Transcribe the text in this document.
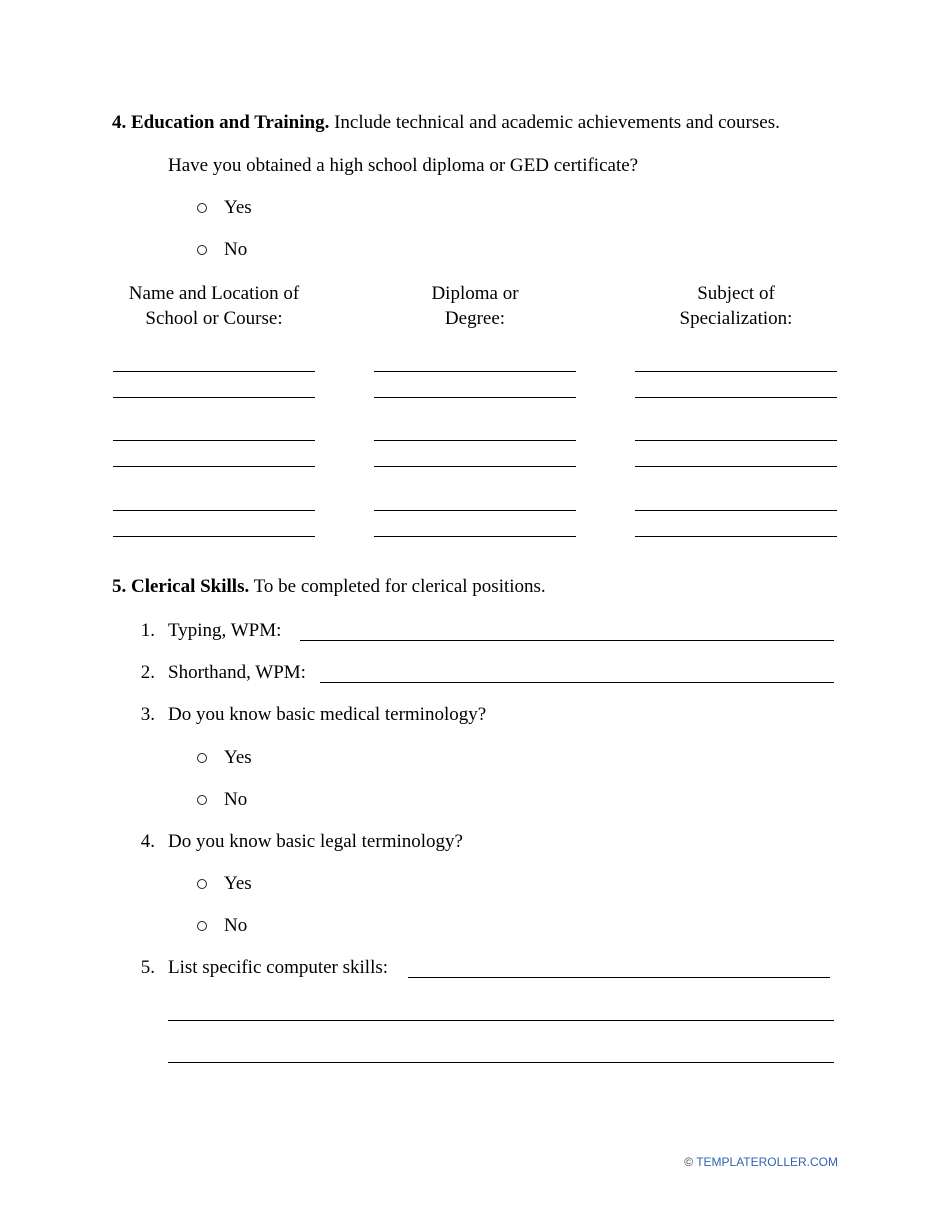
4. Education and Training. Include technical and academic achievements and courses.
Have you obtained a high school diploma or GED certificate?
Yes
No
Name and Location of
School or Course:
Diploma or
Degree:
Subject of
Specialization:
5. Clerical Skills. To be completed for clerical positions.
1. Typing, WPM:
2. Shorthand, WPM:
3. Do you know basic medical terminology?
Yes
No
4. Do you know basic legal terminology?
Yes
No
5. List specific computer skills:
© TEMPLATEROLLER.COM
